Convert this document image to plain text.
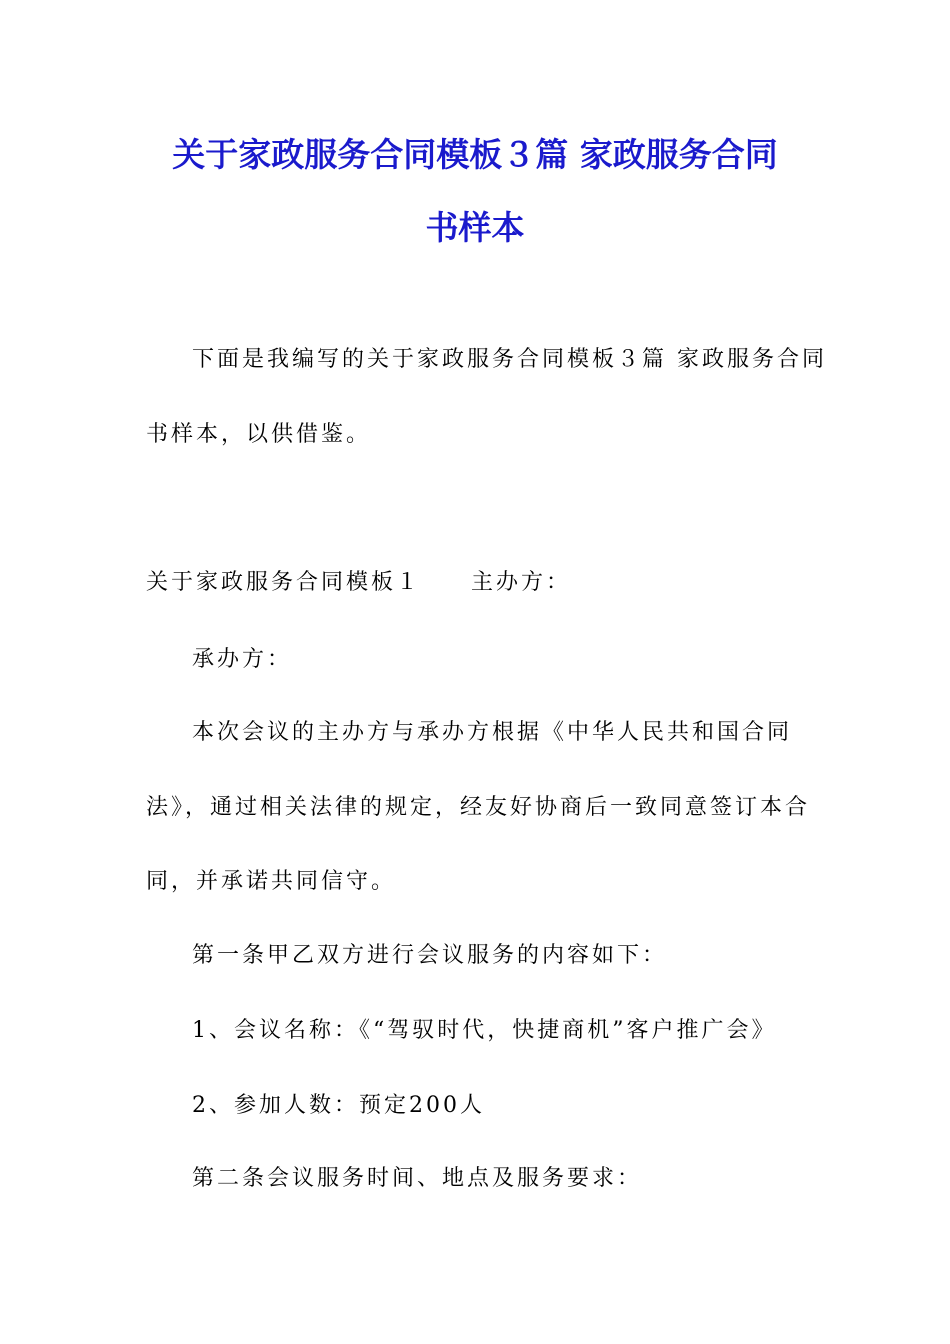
关于家政服务合同模板３篇 家政服务合同
书样本
下面是我编写的关于家政服务合同模板３篇 家政服务合同
书样本，以供借鉴。
关于家政服务合同模板１　　主办方：
承办方：
本次会议的主办方与承办方根据《中华人民共和国合同
法》，通过相关法律的规定，经友好协商后一致同意签订本合
同，并承诺共同信守。
第一条甲乙双方进行会议服务的内容如下：
1、会议名称：《“驾驭时代，快捷商机”客户推广会》
2、参加人数：预定200人
第二条会议服务时间、地点及服务要求：
